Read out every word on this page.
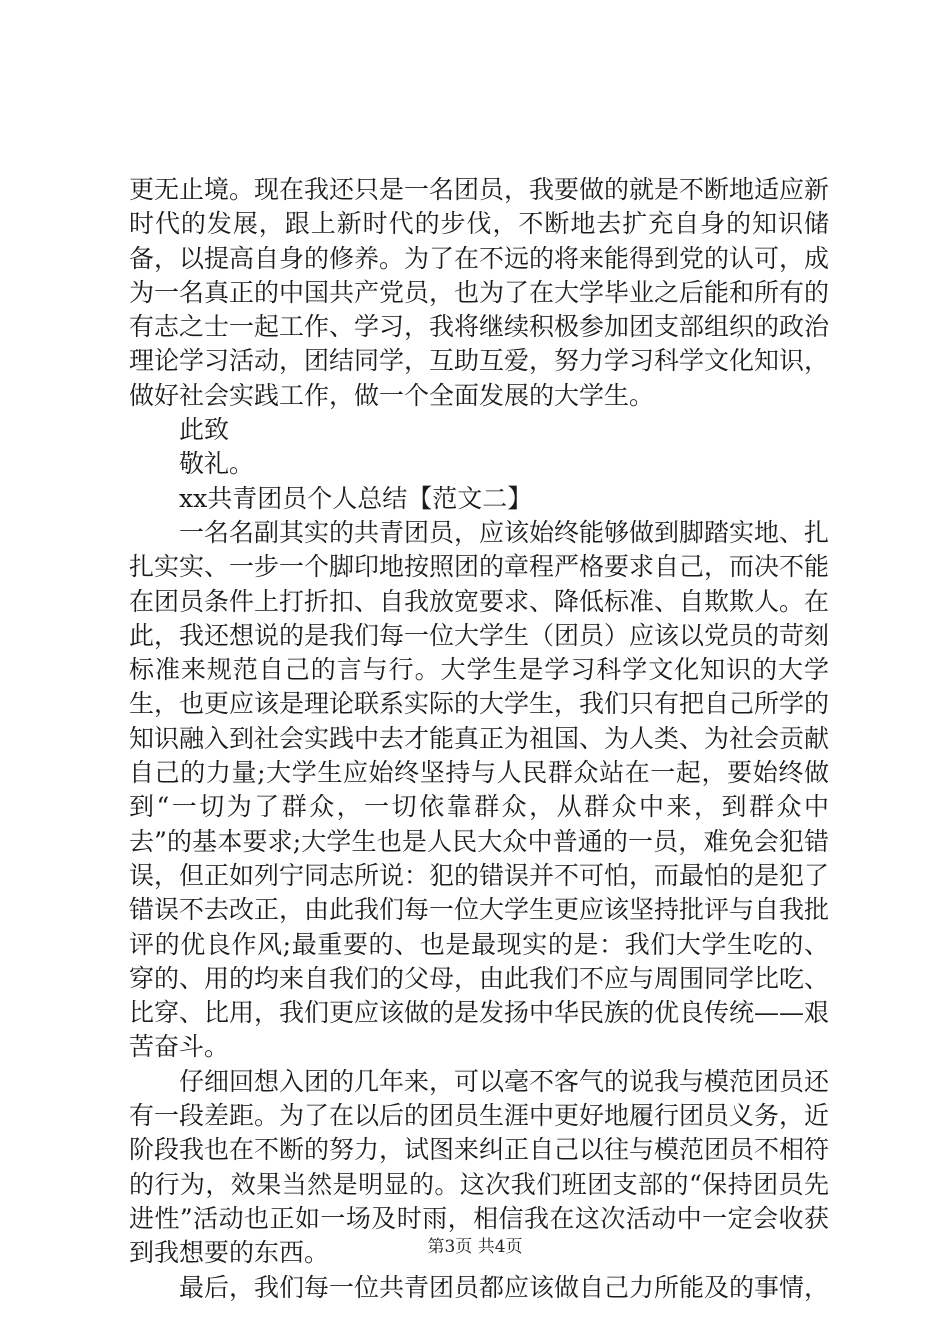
更无止境。现在我还只是一名团员，我要做的就是不断地适应新时代的发展，跟上新时代的步伐，不断地去扩充自身的知识储备，以提高自身的修养。为了在不远的将来能得到党的认可，成为一名真正的中国共产党员，也为了在大学毕业之后能和所有的有志之士一起工作、学习，我将继续积极参加团支部组织的政治理论学习活动，团结同学，互助互爱，努力学习科学文化知识，做好社会实践工作，做一个全面发展的大学生。

此致

敬礼。

xx共青团员个人总结【范文二】

一名名副其实的共青团员，应该始终能够做到脚踏实地、扎扎实实、一步一个脚印地按照团的章程严格要求自己，而决不能在团员条件上打折扣、自我放宽要求、降低标准、自欺欺人。在此，我还想说的是我们每一位大学生（团员）应该以党员的苛刻标准来规范自己的言与行。大学生是学习科学文化知识的大学生，也更应该是理论联系实际的大学生，我们只有把自己所学的知识融入到社会实践中去才能真正为祖国、为人类、为社会贡献自己的力量;大学生应始终坚持与人民群众站在一起，要始终做到“一切为了群众，一切依靠群众，从群众中来，到群众中去”的基本要求;大学生也是人民大众中普通的一员，难免会犯错误，但正如列宁同志所说：犯的错误并不可怕，而最怕的是犯了错误不去改正，由此我们每一位大学生更应该坚持批评与自我批评的优良作风;最重要的、也是最现实的是：我们大学生吃的、穿的、用的均来自我们的父母，由此我们不应与周围同学比吃、比穿、比用，我们更应该做的是发扬中华民族的优良传统——艰苦奋斗。

仔细回想入团的几年来，可以毫不客气的说我与模范团员还有一段差距。为了在以后的团员生涯中更好地履行团员义务，近阶段我也在不断的努力，试图来纠正自己以往与模范团员不相符的行为，效果当然是明显的。这次我们班团支部的“保持团员先进性”活动也正如一场及时雨，相信我在这次活动中一定会收获到我想要的东西。

最后，我们每一位共青团员都应该做自己力所能及的事情，

第3页 共4页
